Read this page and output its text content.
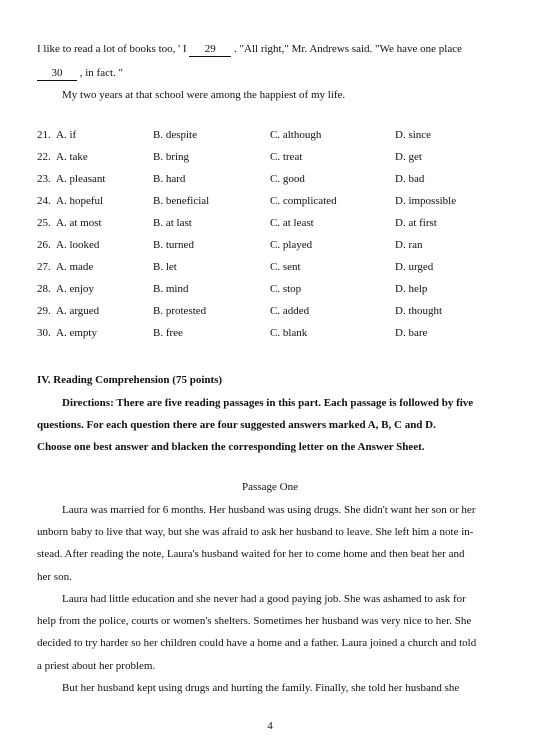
I like to read a lot of books too, ' I 29 . "All right," Mr. Andrews said. "We have one place
30 , in fact. "
My two years at that school were among the happiest of my life.
21. A. if	B. despite	C. although	D. since
22. A. take	B. bring	C. treat	D. get
23. A. pleasant	B. hard	C. good	D. bad
24. A. hopeful	B. beneficial	C. complicated	D. impossible
25. A. at most	B. at last	C. at least	D. at first
26. A. looked	B. turned	C. played	D. ran
27. A. made	B. let	C. sent	D. urged
28. A. enjoy	B. mind	C. stop	D. help
29. A. argued	B. protested	C. added	D. thought
30. A. empty	B. free	C. blank	D. bare
IV. Reading Comprehension (75 points)
Directions: There are five reading passages in this part. Each passage is followed by five
questions. For each question there are four suggested answers marked A, B, C and D.
Choose one best answer and blacken the corresponding letter on the Answer Sheet.
Passage One
Laura was married for 6 months. Her husband was using drugs. She didn't want her son or her
unborn baby to live that way, but she was afraid to ask her husband to leave. She left him a note in-
stead. After reading the note, Laura's husband waited for her to come home and then beat her and
her son.
Laura had little education and she never had a good paying job. She was ashamed to ask for
help from the police, courts or women's shelters. Sometimes her husband was very nice to her. She
decided to try harder so her children could have a home and a father. Laura joined a church and told
a priest about her problem.
But her husband kept using drugs and hurting the family. Finally, she told her husband she
4
